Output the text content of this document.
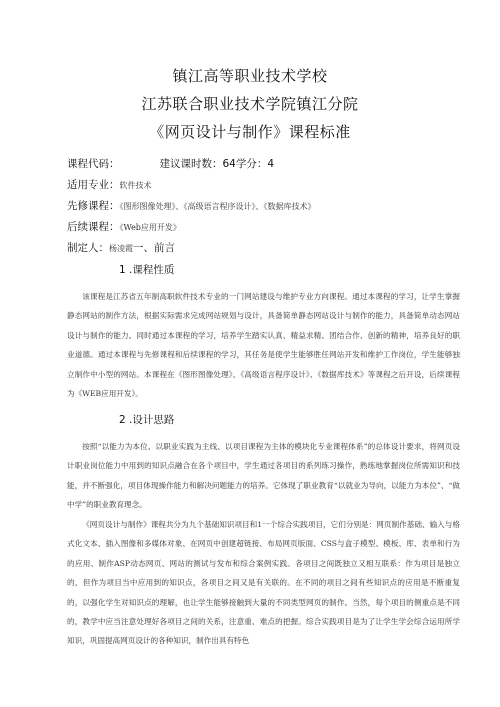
镇江高等职业技术学校
江苏联合职业技术学院镇江分院
《网页设计与制作》课程标准
课程代码：	建议课时数：64学分：4
适用专业：软件技术
先修课程：《图形图像处理》、《高级语言程序设计》、《数据库技术》
后续课程：《Web应用开发》
制定人：杨凌霞一、前言
1 .课程性质

该课程是江苏省五年制高职软件技术专业的一门网站建设与维护专业方向课程。通过本课程的学习，让学生掌握静态网站的制作方法，根据实际需求完成网站规划与设计，具备简单静态网站设计与制作的能力，具备简单动态网站设计与制作的能力。同时通过本课程的学习，培养学生踏实认真、精益求精、团结合作、创新的精神，培养良好的职业道德。通过本课程与先修课程和后续课程的学习，其任务是使学生能够胜任网站开发和维护工作岗位，学生能够独立制作中小型的网站。本课程在《图形图像处理》、《高级语言程序设计》、《数据库技术》等课程之后开设，后续课程为《WEB应用开发》。

2 .设计思路

按照“以能力为本位、以职业实践为主线、以项目课程为主体的模块化专业课程体系”的总体设计要求，将网页设计职业岗位能力中用到的知识点融合在各个项目中，学生通过各项目的系列练习操作，熟练地掌握岗位所需知识和技能，并不断强化，项目体现操作能力和解决问题能力的培养。它体现了职业教育“以就业为导向，以能力为本位”、“做中学”的职业教育理念。

《网页设计与制作》课程共分为九个基础知识项目和1一个综合实践项目，它们分别是：网页制作基础、输入与格式化文本、插入图像和多媒体对象、在网页中创建超链接、布局网页版面、CSS与盒子模型、模板、库、表单和行为的应用、制作ASP动态网页、网站的测试与发布和综合案例实践。各项目之间既独立又相互联系：作为项目是独立的，但作为项目当中应用到的知识点，各项目之间又是有关联的。在不同的项目之间有些知识点的应用是不断重复的，以强化学生对知识点的理解，也让学生能够接触到大量的不同类型网页的制作。当然，每个项目的侧重点是不同的，教学中应当注意处理好各项目之间的关系，注意重、难点的把握。综合实践项目是为了让学生学会综合运用所学知识，巩固提高网页设计的各种知识，制作出具有特色
